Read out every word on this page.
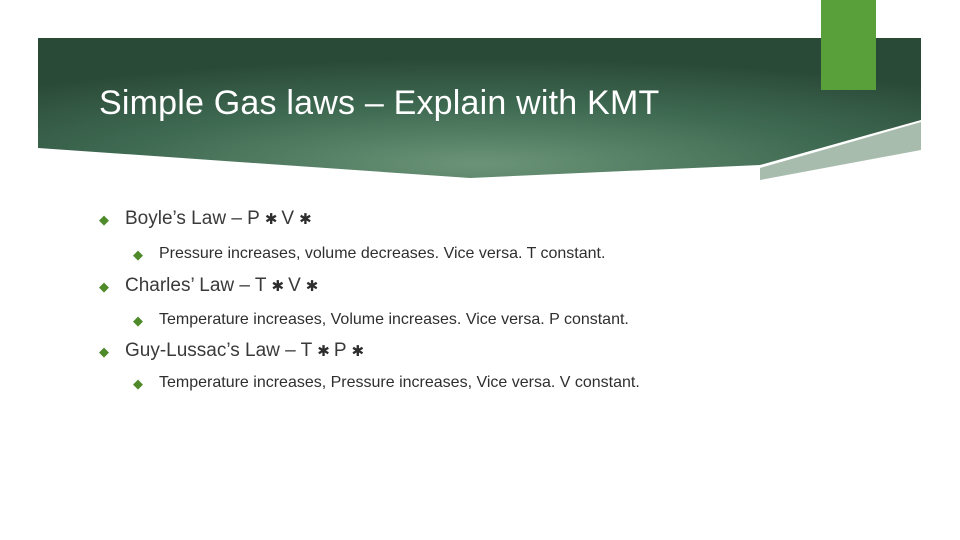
Simple Gas laws – Explain with KMT
◆ Boyle’s Law – P ✱ V ✱
◆	Pressure increases, volume decreases. Vice versa. T constant.
◆ Charles’ Law – T ✱ V ✱
◆	Temperature increases, Volume increases. Vice versa. P constant.
◆ Guy-Lussac’s Law – T ✱ P ✱
◆	Temperature increases, Pressure increases, Vice versa. V constant.
